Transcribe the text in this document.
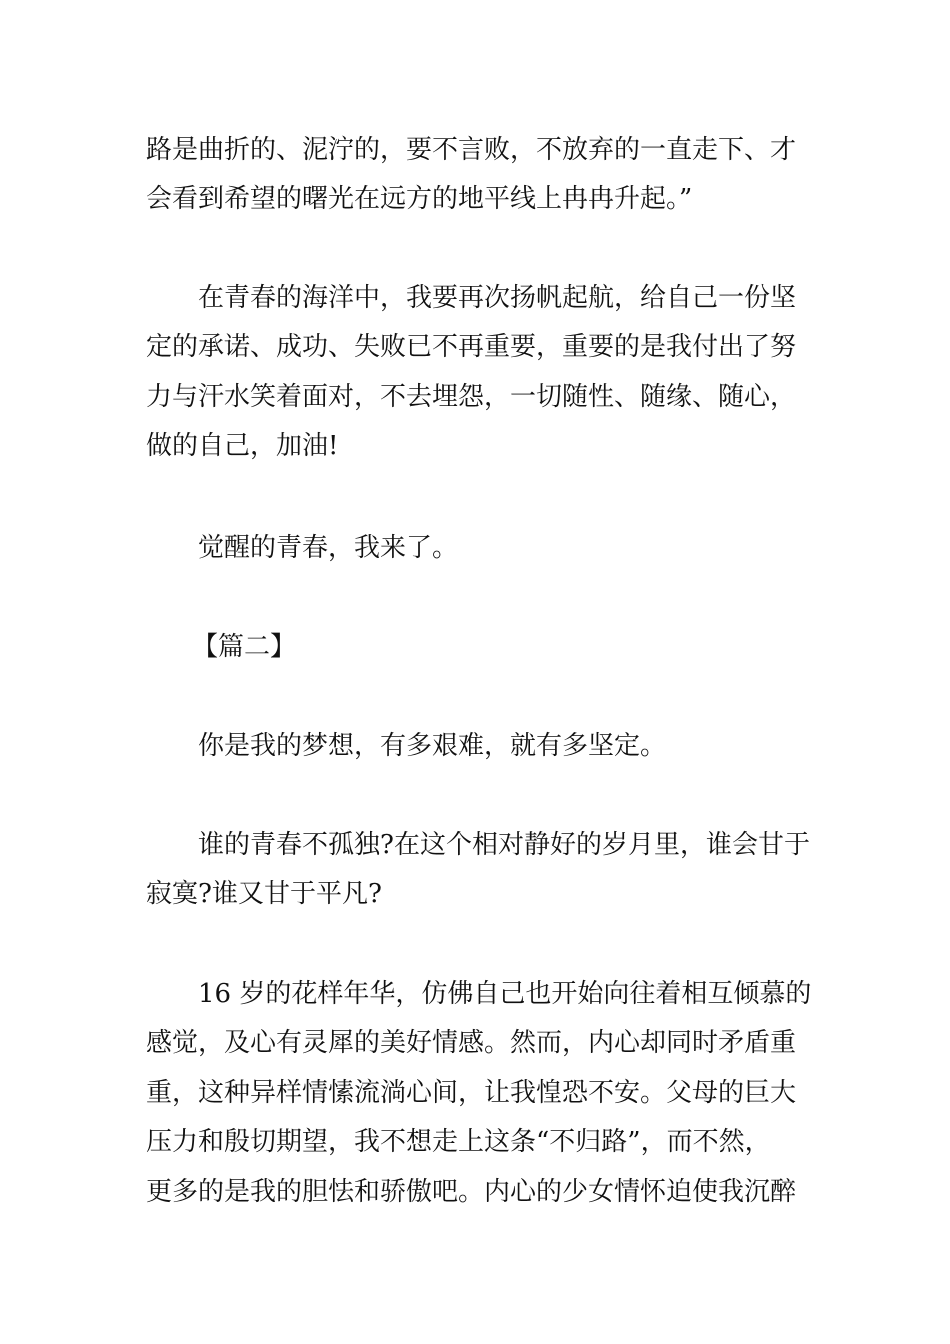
路是曲折的、泥泞的，要不言败，不放弃的一直走下、才
会看到希望的曙光在远方的地平线上冉冉升起。”

在青春的海洋中，我要再次扬帆起航，给自己一份坚
定的承诺、成功、失败已不再重要，重要的是我付出了努
力与汗水笑着面对，不去埋怨，一切随性、随缘、随心，
做的自己，加油!

觉醒的青春，我来了。

【篇二】

你是我的梦想，有多艰难，就有多坚定。

谁的青春不孤独?在这个相对静好的岁月里，谁会甘于
寂寞?谁又甘于平凡?

16 岁的花样年华，仿佛自己也开始向往着相互倾慕的
感觉，及心有灵犀的美好情感。然而，内心却同时矛盾重
重，这种异样情愫流淌心间，让我惶恐不安。父母的巨大
压力和殷切期望，我不想走上这条“不归路”，而不然，
更多的是我的胆怯和骄傲吧。内心的少女情怀迫使我沉醉
